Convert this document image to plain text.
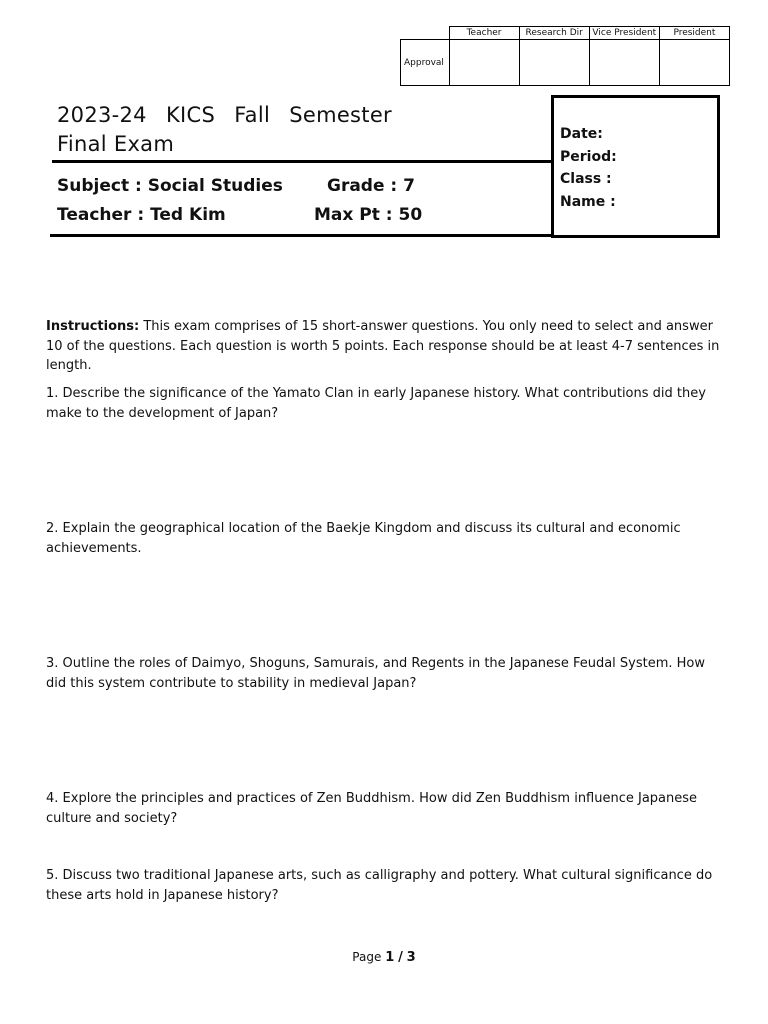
	Teacher	Research Dir	Vice President	President
Approval				
2023-24 KICS Fall Semester
Final Exam
Subject : Social Studies	Grade : 7
Teacher : Ted Kim	Max Pt : 50
Date:
Period:
Class :
Name :
Instructions: This exam comprises of 15 short-answer questions. You only need to select and answer 10 of the questions. Each question is worth 5 points. Each response should be at least 4-7 sentences in length.
1. Describe the significance of the Yamato Clan in early Japanese history. What contributions did they make to the development of Japan?
2. Explain the geographical location of the Baekje Kingdom and discuss its cultural and economic achievements.
3. Outline the roles of Daimyo, Shoguns, Samurais, and Regents in the Japanese Feudal System. How did this system contribute to stability in medieval Japan?
4. Explore the principles and practices of Zen Buddhism. How did Zen Buddhism influence Japanese culture and society?
5. Discuss two traditional Japanese arts, such as calligraphy and pottery. What cultural significance do these arts hold in Japanese history?
Page 1 / 3
